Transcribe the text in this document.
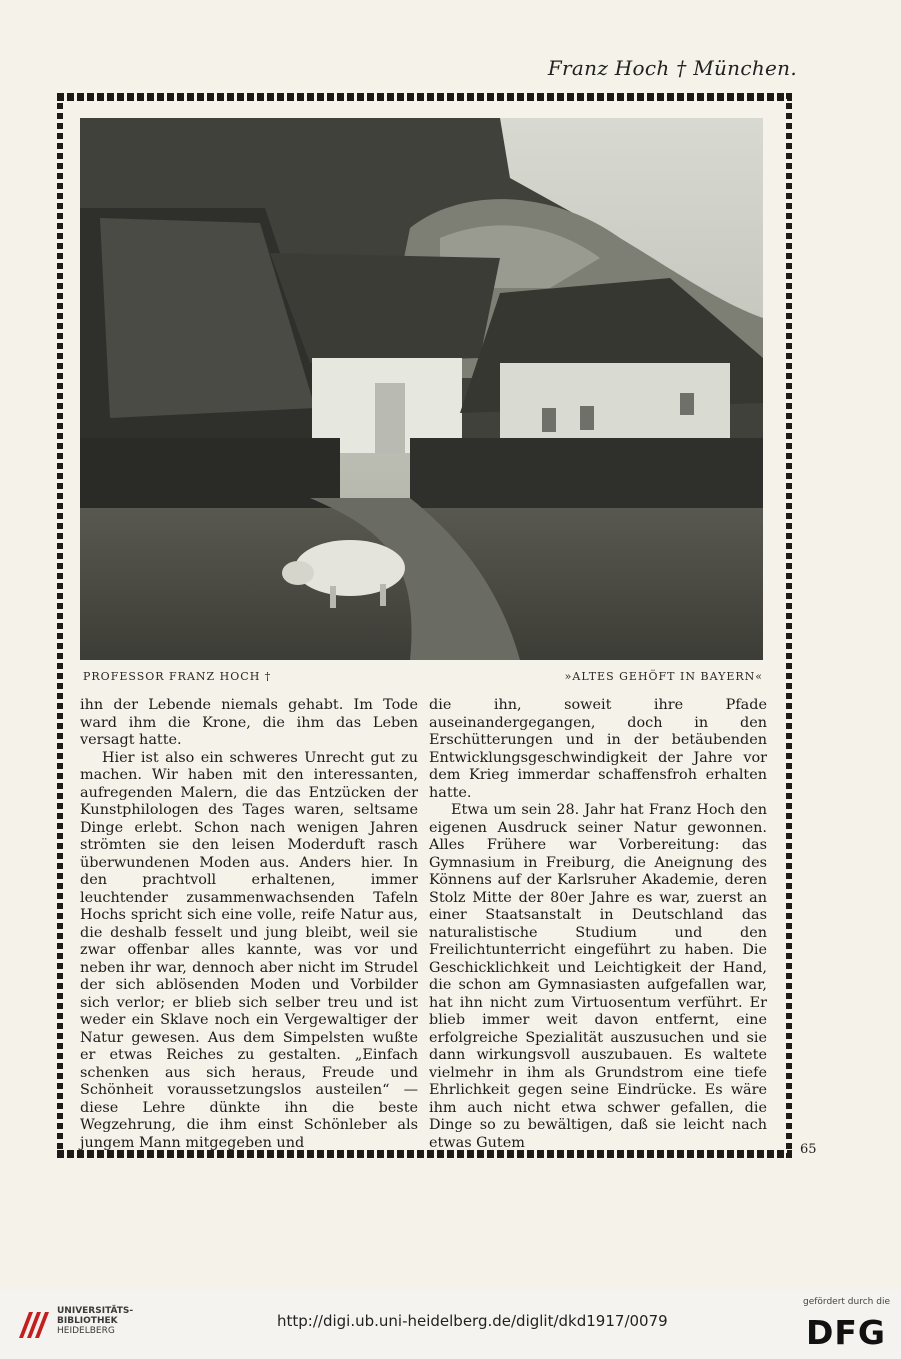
Franz Hoch † München.
PROFESSOR FRANZ HOCH †	»ALTES GEHÖFT IN BAYERN«

ihn der Lebende niemals gehabt. Im Tode ward ihm die Krone, die ihm das Leben versagt hatte.

Hier ist also ein schweres Unrecht gut zu machen. Wir haben mit den interessanten, aufregenden Malern, die das Entzücken der Kunstphilologen des Tages waren, seltsame Dinge erlebt. Schon nach wenigen Jahren strömten sie den leisen Moderduft rasch überwundenen Moden aus. Anders hier. In den prachtvoll erhaltenen, immer leuchtender zusammenwachsenden Tafeln Hochs spricht sich eine volle, reife Natur aus, die deshalb fesselt und jung bleibt, weil sie zwar offenbar alles kannte, was vor und neben ihr war, dennoch aber nicht im Strudel der sich ablösenden Moden und Vorbilder sich verlor; er blieb sich selber treu und ist weder ein Sklave noch ein Vergewaltiger der Natur gewesen. Aus dem Simpelsten wußte er etwas Reiches zu gestalten. „Einfach schenken aus sich heraus, Freude und Schönheit voraussetzungslos austeilen“ — diese Lehre dünkte ihn die beste Wegzehrung, die ihm einst Schönleber als jungem Mann mitgegeben und

die ihn, soweit ihre Pfade auseinandergegangen, doch in den Erschütterungen und in der betäubenden Entwicklungsgeschwindigkeit der Jahre vor dem Krieg immerdar schaffensfroh erhalten hatte.

Etwa um sein 28. Jahr hat Franz Hoch den eigenen Ausdruck seiner Natur gewonnen. Alles Frühere war Vorbereitung: das Gymnasium in Freiburg, die Aneignung des Könnens auf der Karlsruher Akademie, deren Stolz Mitte der 80er Jahre es war, zuerst an einer Staatsanstalt in Deutschland das naturalistische Studium und den Freilichtunterricht eingeführt zu haben. Die Geschicklichkeit und Leichtigkeit der Hand, die schon am Gymnasiasten aufgefallen war, hat ihn nicht zum Virtuosentum verführt. Er blieb immer weit davon entfernt, eine erfolgreiche Spezialität auszusuchen und sie dann wirkungsvoll auszubauen. Es waltete vielmehr in ihm als Grundstrom eine tiefe Ehrlichkeit gegen seine Eindrücke. Es wäre ihm auch nicht etwa schwer gefallen, die Dinge so zu bewältigen, daß sie leicht nach etwas Gutem	65
UNIVERSITÄTS-
BIBLIOTHEK
HEIDELBERG
http://digi.ub.uni-heidelberg.de/diglit/dkd1917/0079
gefördert durch die
DFG
